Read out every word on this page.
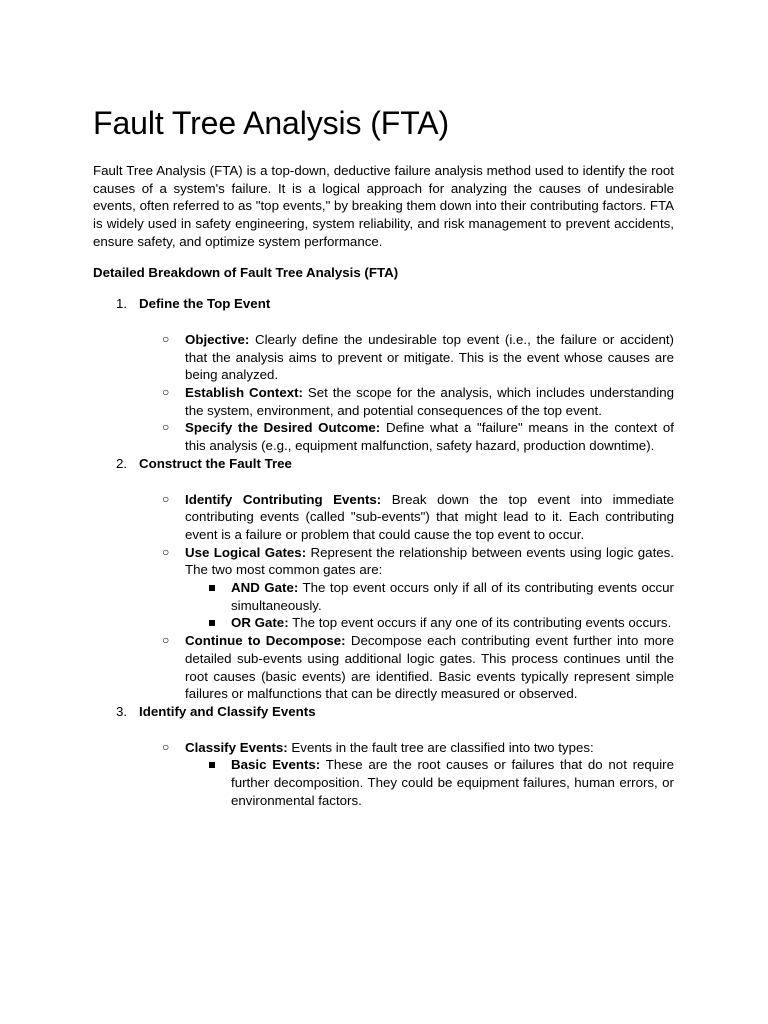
Fault Tree Analysis (FTA)

Fault Tree Analysis (FTA) is a top-down, deductive failure analysis method used to identify the root causes of a system's failure. It is a logical approach for analyzing the causes of undesirable events, often referred to as "top events," by breaking them down into their contributing factors. FTA is widely used in safety engineering, system reliability, and risk management to prevent accidents, ensure safety, and optimize system performance.

Detailed Breakdown of Fault Tree Analysis (FTA)

1. Define the Top Event
○ Objective: Clearly define the undesirable top event (i.e., the failure or accident) that the analysis aims to prevent or mitigate. This is the event whose causes are being analyzed.
○ Establish Context: Set the scope for the analysis, which includes understanding the system, environment, and potential consequences of the top event.
○ Specify the Desired Outcome: Define what a "failure" means in the context of this analysis (e.g., equipment malfunction, safety hazard, production downtime).
2. Construct the Fault Tree
○ Identify Contributing Events: Break down the top event into immediate contributing events (called "sub-events") that might lead to it. Each contributing event is a failure or problem that could cause the top event to occur.
○ Use Logical Gates: Represent the relationship between events using logic gates. The two most common gates are:
AND Gate: The top event occurs only if all of its contributing events occur simultaneously.
OR Gate: The top event occurs if any one of its contributing events occurs.
○ Continue to Decompose: Decompose each contributing event further into more detailed sub-events using additional logic gates. This process continues until the root causes (basic events) are identified. Basic events typically represent simple failures or malfunctions that can be directly measured or observed.
3. Identify and Classify Events
○ Classify Events: Events in the fault tree are classified into two types:
Basic Events: These are the root causes or failures that do not require further decomposition. They could be equipment failures, human errors, or environmental factors.
